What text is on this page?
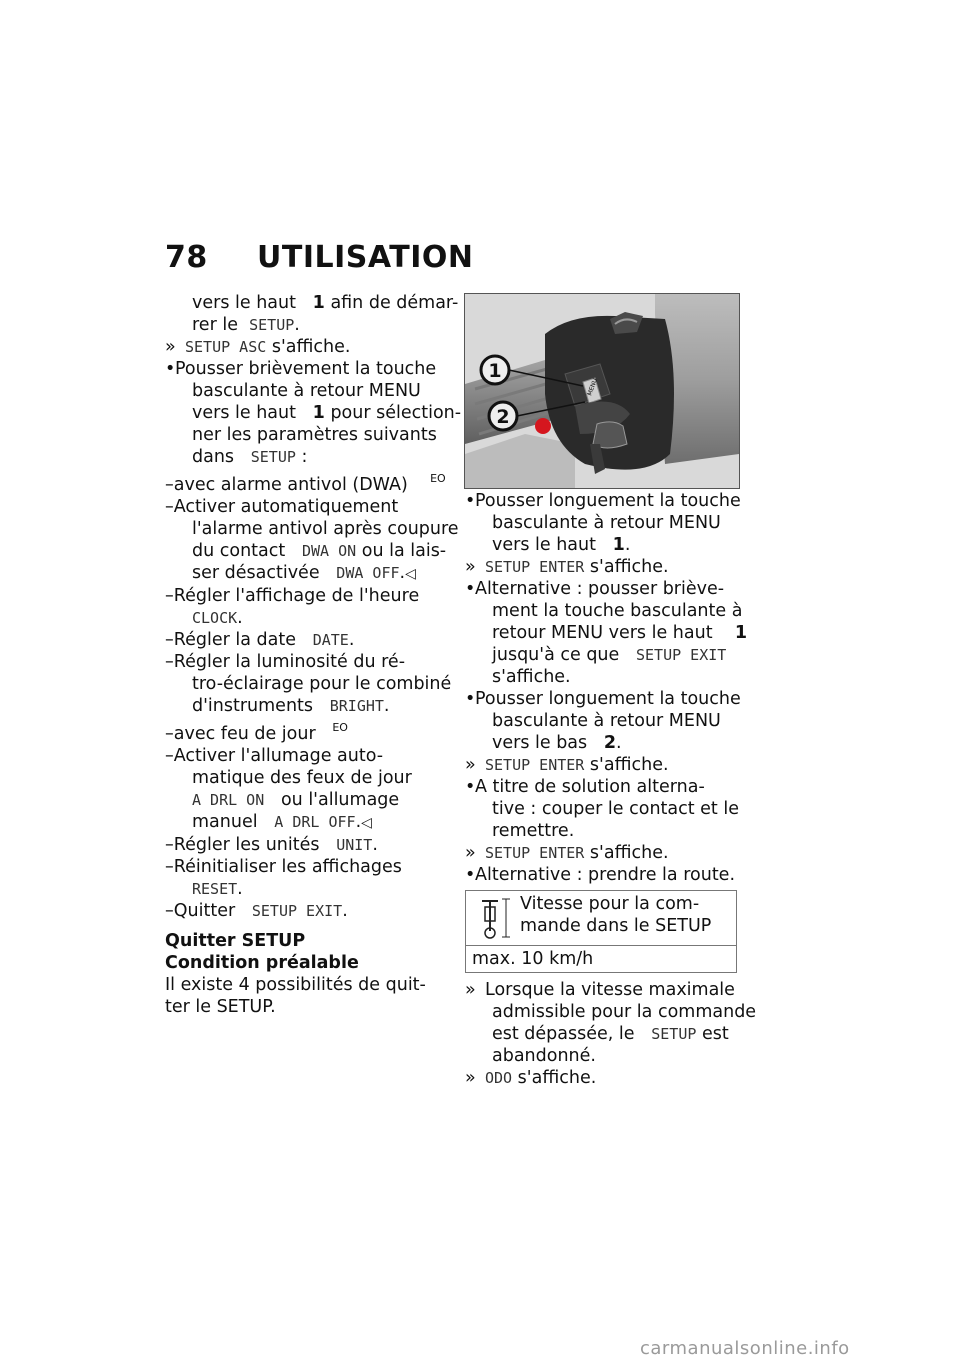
78 UTILISATION
vers le haut 1 afin de démar-
rer le SETUP.
» SETUP ASC s'affiche.
•Pousser brièvement la touche
basculante à retour MENU
vers le haut 1 pour sélection-
ner les paramètres suivants
dans SETUP :
–avec alarme antivol (DWA) $^{EO}$
–Activer automatiquement
l'alarme antivol après coupure
du contact DWA ON ou la lais-
ser désactivée DWA OFF.◁
–Régler l'affichage de l'heure
CLOCK.
–Régler la date DATE.
–Régler la luminosité du ré-
tro-éclairage pour le combiné
d'instruments BRIGHT.
–avec feu de jour $^{EO}$
–Activer l'allumage auto-
matique des feux de jour
A DRL ON ou l'allumage
manuel A DRL OFF.◁
–Régler les unités UNIT.
–Réinitialiser les affichages
RESET.
–Quitter SETUP EXIT.
Quitter SETUP
Condition préalable
Il existe 4 possibilités de quit-
ter le SETUP.
1
2
MENU
•Pousser longuement la touche
basculante à retour MENU
vers le haut 1.
» SETUP ENTER s'affiche.
•Alternative : pousser briève-
ment la touche basculante à
retour MENU vers le haut 1
jusqu'à ce que SETUP EXIT
s'affiche.
•Pousser longuement la touche
basculante à retour MENU
vers le bas 2.
» SETUP ENTER s'affiche.
•A titre de solution alterna-
tive : couper le contact et le
remettre.
» SETUP ENTER s'affiche.
•Alternative : prendre la route.
Vitesse pour la com-
mande dans le SETUP
max. 10 km/h
» Lorsque la vitesse maximale
admissible pour la commande
est dépassée, le SETUP est
abandonné.
» ODO s'affiche.
carmanualsonline.info
